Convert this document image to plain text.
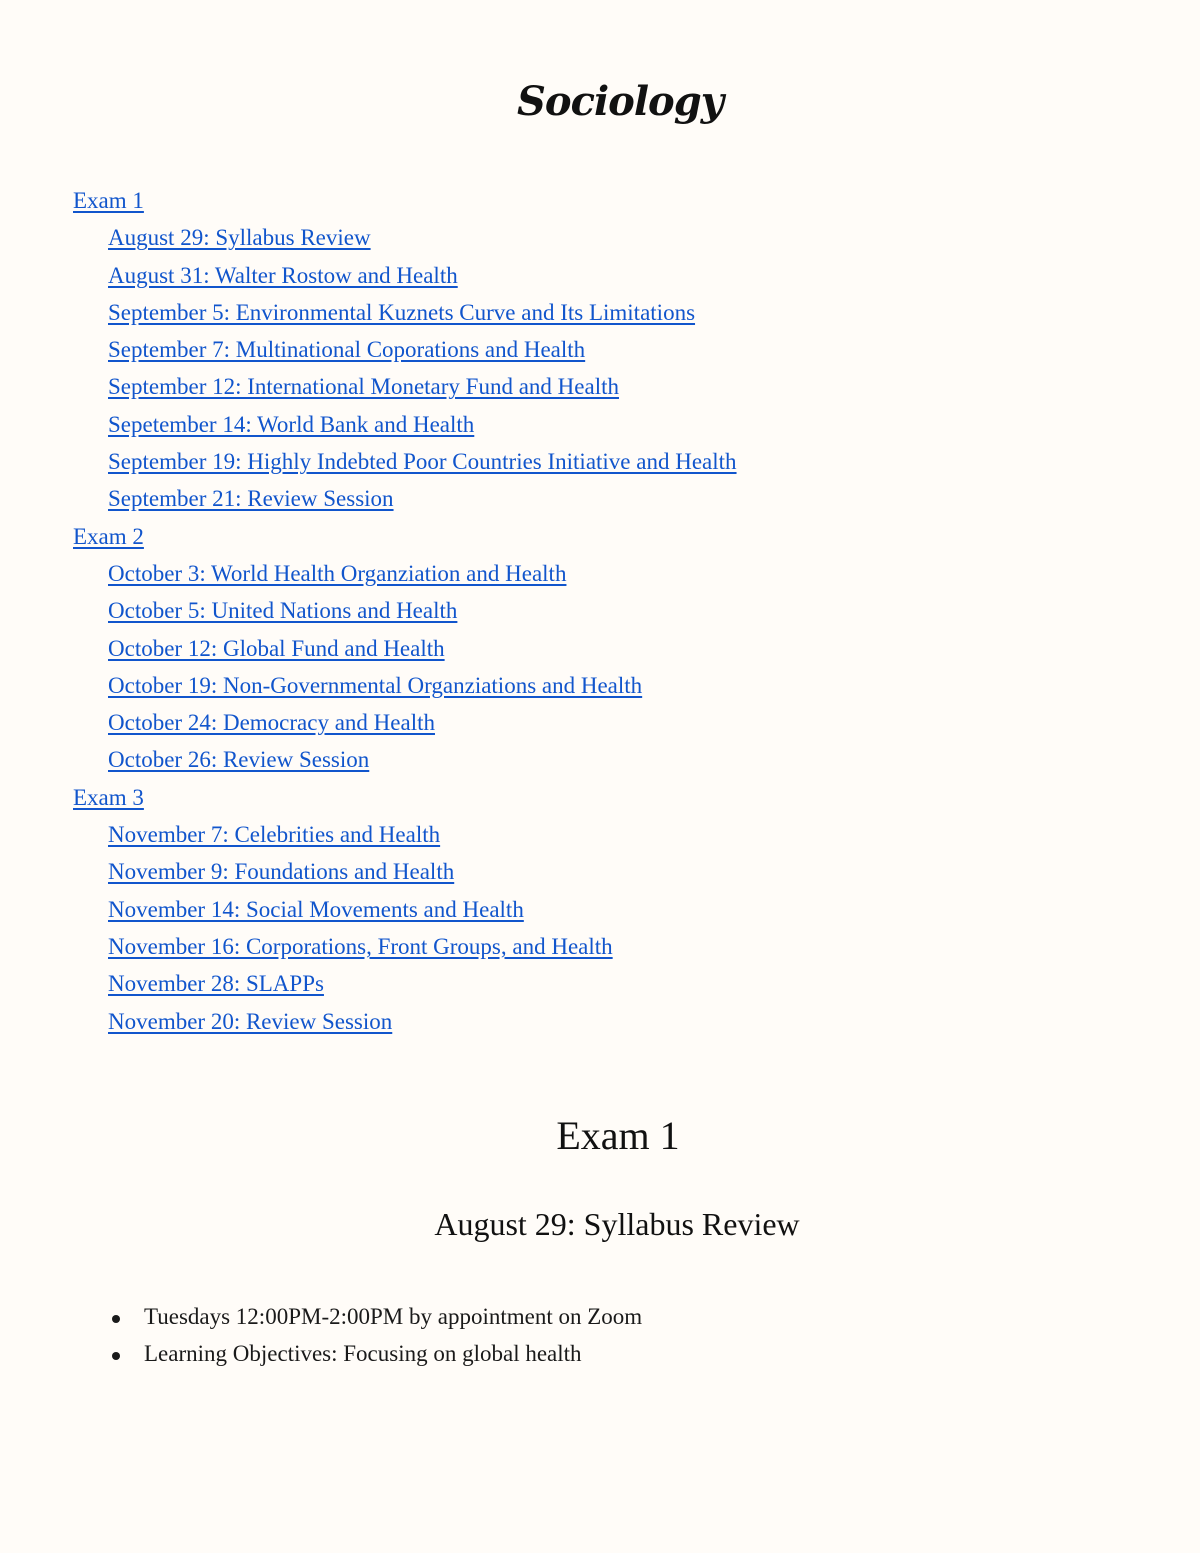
Sociology
Exam 1
August 29: Syllabus Review
August 31: Walter Rostow and Health
September 5: Environmental Kuznets Curve and Its Limitations
September 7: Multinational Coporations and Health
September 12: International Monetary Fund and Health
Sepetember 14: World Bank and Health
September 19: Highly Indebted Poor Countries Initiative and Health
September 21: Review Session
Exam 2
October 3: World Health Organziation and Health
October 5: United Nations and Health
October 12: Global Fund and Health
October 19: Non-Governmental Organziations and Health
October 24: Democracy and Health
October 26: Review Session
Exam 3
November 7: Celebrities and Health
November 9: Foundations and Health
November 14: Social Movements and Health
November 16: Corporations, Front Groups, and Health
November 28: SLAPPs
November 20: Review Session
Exam 1
August 29: Syllabus Review
Tuesdays 12:00PM-2:00PM by appointment on Zoom
Learning Objectives: Focusing on global health
